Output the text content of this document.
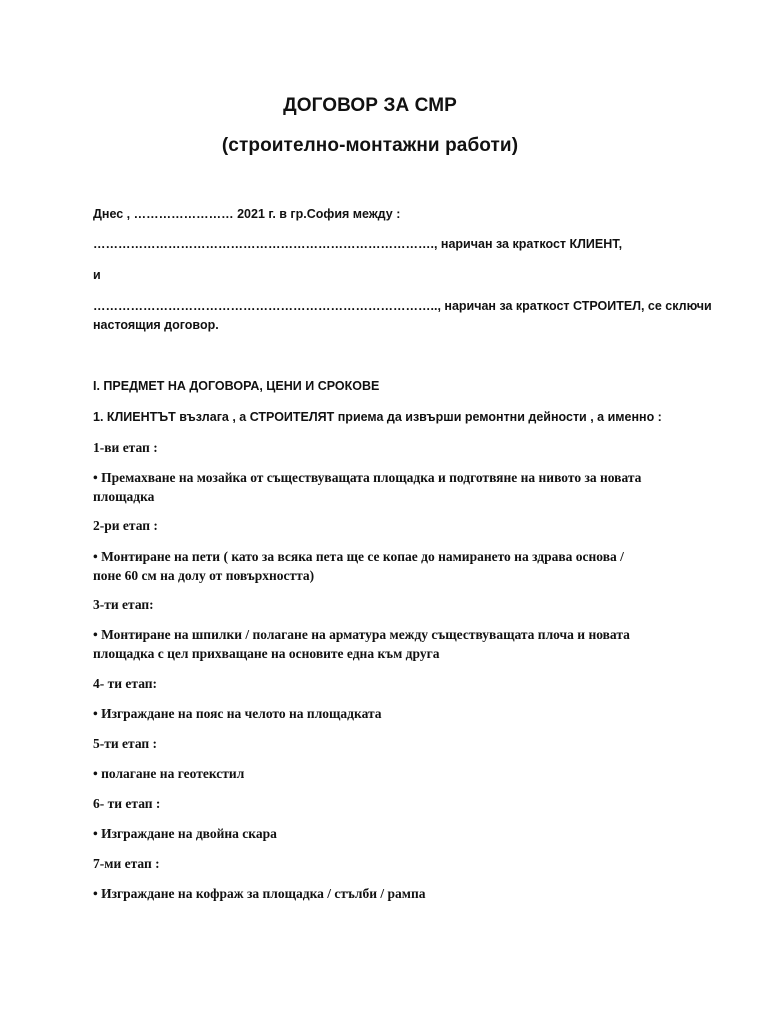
ДОГОВОР ЗА СМР
(строително-монтажни работи)
Днес , …………………… 2021 г. в гр.София между :
………………………………………………………………………., наричан за краткост КЛИЕНТ,
и
……………………………………………………………………….., наричан за краткост СТРОИТЕЛ, се сключи
настоящия договор.
I. ПРЕДМЕТ НА ДОГОВОРА, ЦЕНИ И СРОКОВЕ
1. КЛИЕНТЪТ възлага , а СТРОИТЕЛЯТ приема да извърши ремонтни дейности , а именно :
1-ви етап :
• Премахване на мозайка от съществуващата площадка и подготвяне на нивото за новата
площадка
2-ри етап :
• Монтиране на пети ( като за всяка пета ще се копае до намирането на здрава основа /
поне 60 см на долу от повърхността)
3-ти етап:
• Монтиране на шпилки / полагане на арматура между съществуващата плоча и новата
площадка с цел прихващане на основите една към друга
4- ти етап:
• Изграждане на пояс на челото на площадката
5-ти етап :
• полагане на геотекстил
6- ти етап :
• Изграждане на двойна скара
7-ми етап :
• Изграждане на кофраж за площадка / стълби / рампа
